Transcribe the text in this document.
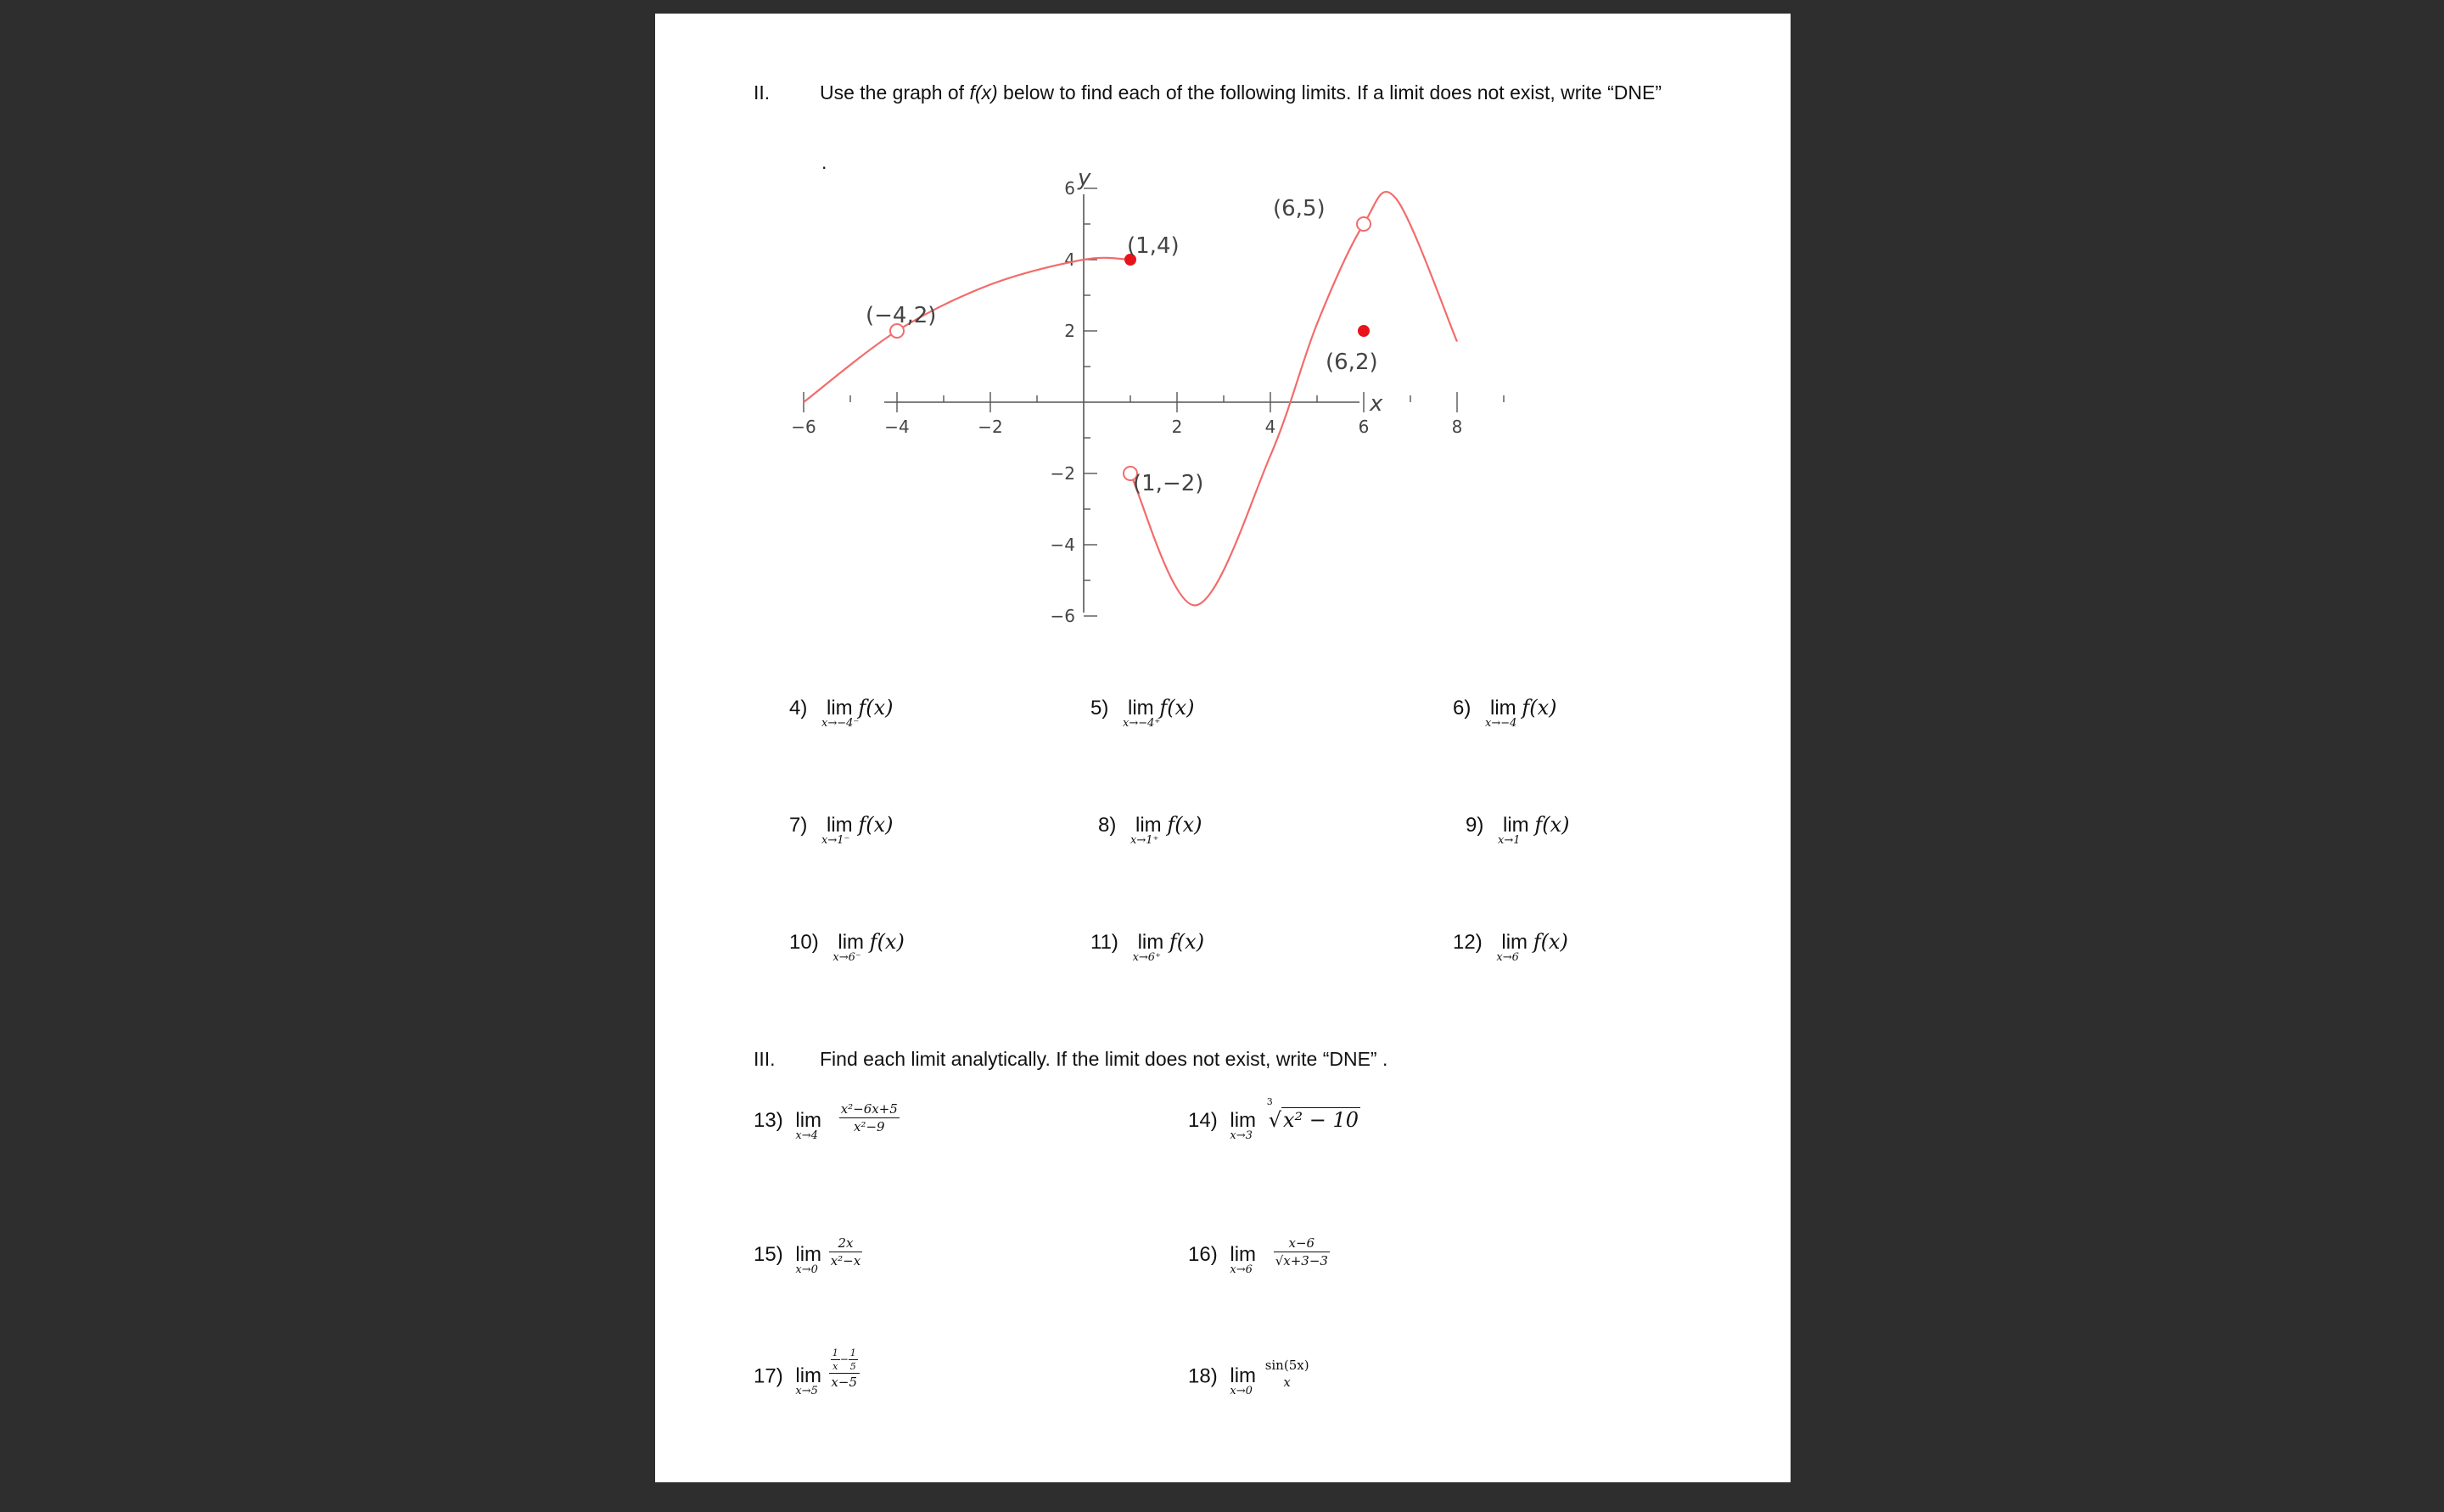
II.	Use the graph of f(x) below to find each of the following limits. If a limit does not exist, write “DNE”
.
x
y
−6	−4	−2	2	4	6	8
6
4
2
−2
−4
−6
(1,4)
(6,5)
(−4,2)
(6,2)
(1,−2)
4) lim
x→−4⁻
f(x)	5) lim
x→−4⁺
f(x)	6) lim
x→−4
f(x)
7) lim
x→1⁻
f(x)	8) lim
x→1⁺
f(x)	9) lim
x→1
f(x)
10) lim
x→6⁻
f(x)	11) lim
x→6⁺
f(x)	12) lim
x→6
f(x)
III. Find each limit analytically. If the limit does not exist, write “DNE” .
13) lim
x→4

$\frac{\text{x²−6x+5}}{\text{x²−9}}$	14) lim
x→3

3
√x² − 10
15) lim
x→0

$\frac{2x}{\text{x²−x}}$	16) lim
x→6

$\frac{x-6}{√x+3-3}$
17) lim
x→5

$\frac{\frac{1}{x} - \frac{1}{5}}{x-5}$	18) lim
x→0

sin(5x)
x
